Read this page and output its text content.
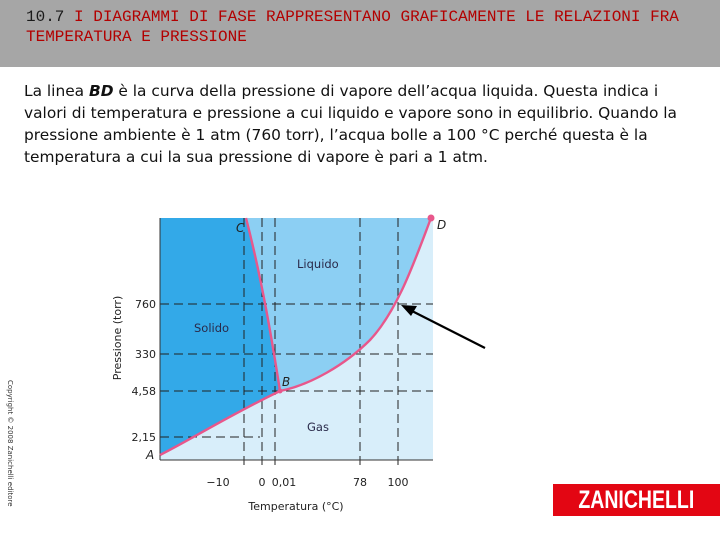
10.7 I DIAGRAMMI DI FASE RAPPRESENTANO GRAFICAMENTE LE RELAZIONI FRA TEMPERATURA E PRESSIONE

La linea BD è la curva della pressione di vapore dell’acqua liquida. Questa indica i valori di temperatura e pressione a cui liquido e vapore sono in equilibrio. Quando la pressione ambiente è 1 atm (760 torr), l’acqua bolle a 100 °C perché questa è la temperatura a cui la sua pressione di vapore è pari a 1 atm.

C	D
B
A
Solido
Liquido
Gas
760
330
4,58
2,15
−10	0 0,01	78 100
Temperatura (°C)
Pressione (torr)
Copyright © 2008 Zanichelli editore	ZANICHELLI
